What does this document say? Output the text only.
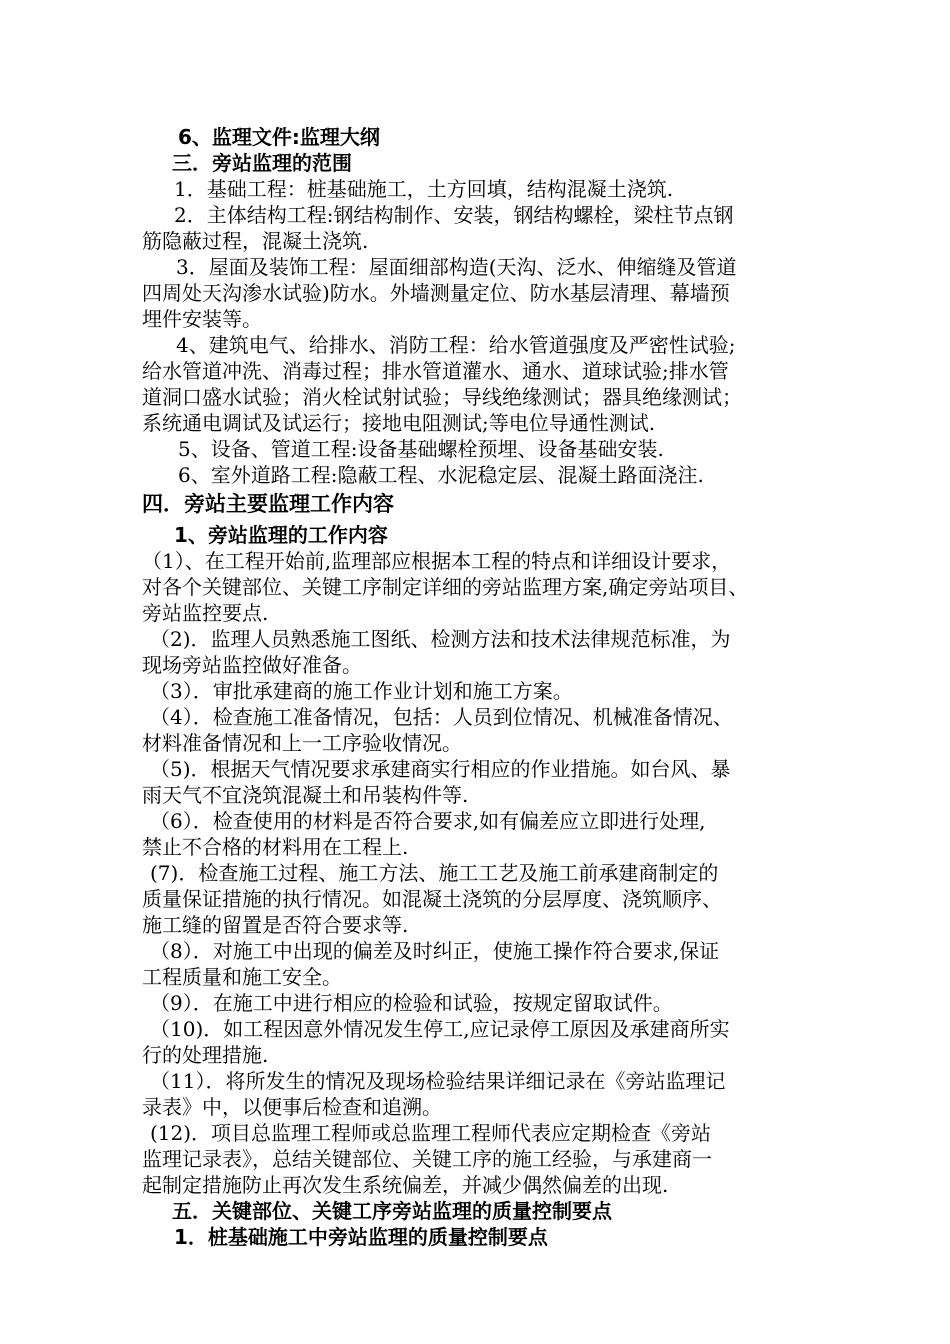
6、监理文件:监理大纲
三．旁站监理的范围
1．基础工程：桩基础施工，土方回填，结构混凝土浇筑.
2．主体结构工程:钢结构制作、安装，钢结构螺栓，梁柱节点钢
筋隐蔽过程，混凝土浇筑.
3．屋面及装饰工程：屋面细部构造(天沟、泛水、伸缩缝及管道
四周处天沟渗水试验)防水。外墙测量定位、防水基层清理、幕墙预
埋件安装等。
4、建筑电气、给排水、消防工程：给水管道强度及严密性试验;
给水管道冲洗、消毒过程；排水管道灌水、通水、道球试验;排水管
道洞口盛水试验；消火栓试射试验；导线绝缘测试；器具绝缘测试；
系统通电调试及试运行；接地电阻测试;等电位导通性测试.
5、设备、管道工程:设备基础螺栓预埋、设备基础安装.
6、室外道路工程:隐蔽工程、水泥稳定层、混凝土路面浇注.
四．旁站主要监理工作内容
1、旁站监理的工作内容
（1）、在工程开始前,监理部应根据本工程的特点和详细设计要求，
对各个关键部位、关键工序制定详细的旁站监理方案,确定旁站项目、
旁站监控要点.
（2)．监理人员熟悉施工图纸、检测方法和技术法律规范标准，为
现场旁站监控做好准备。
（3）．审批承建商的施工作业计划和施工方案。
（4）．检查施工准备情况，包括：人员到位情况、机械准备情况、
材料准备情况和上一工序验收情况。
（5)．根据天气情况要求承建商实行相应的作业措施。如台风、暴
雨天气不宜浇筑混凝土和吊装构件等.
（6）．检查使用的材料是否符合要求,如有偏差应立即进行处理,
禁止不合格的材料用在工程上.
(7)．检查施工过程、施工方法、施工工艺及施工前承建商制定的
质量保证措施的执行情况。如混凝土浇筑的分层厚度、浇筑顺序、
施工缝的留置是否符合要求等.
（8）．对施工中出现的偏差及时纠正，使施工操作符合要求,保证
工程质量和施工安全。
（9）．在施工中进行相应的检验和试验，按规定留取试件。
（10)．如工程因意外情况发生停工,应记录停工原因及承建商所实
行的处理措施.
（11）．将所发生的情况及现场检验结果详细记录在《旁站监理记
录表》中，以便事后检查和追溯。
(12)．项目总监理工程师或总监理工程师代表应定期检查《旁站
监理记录表》，总结关键部位、关键工序的施工经验，与承建商一
起制定措施防止再次发生系统偏差，并减少偶然偏差的出现.
五．关键部位、关键工序旁站监理的质量控制要点
1．桩基础施工中旁站监理的质量控制要点
